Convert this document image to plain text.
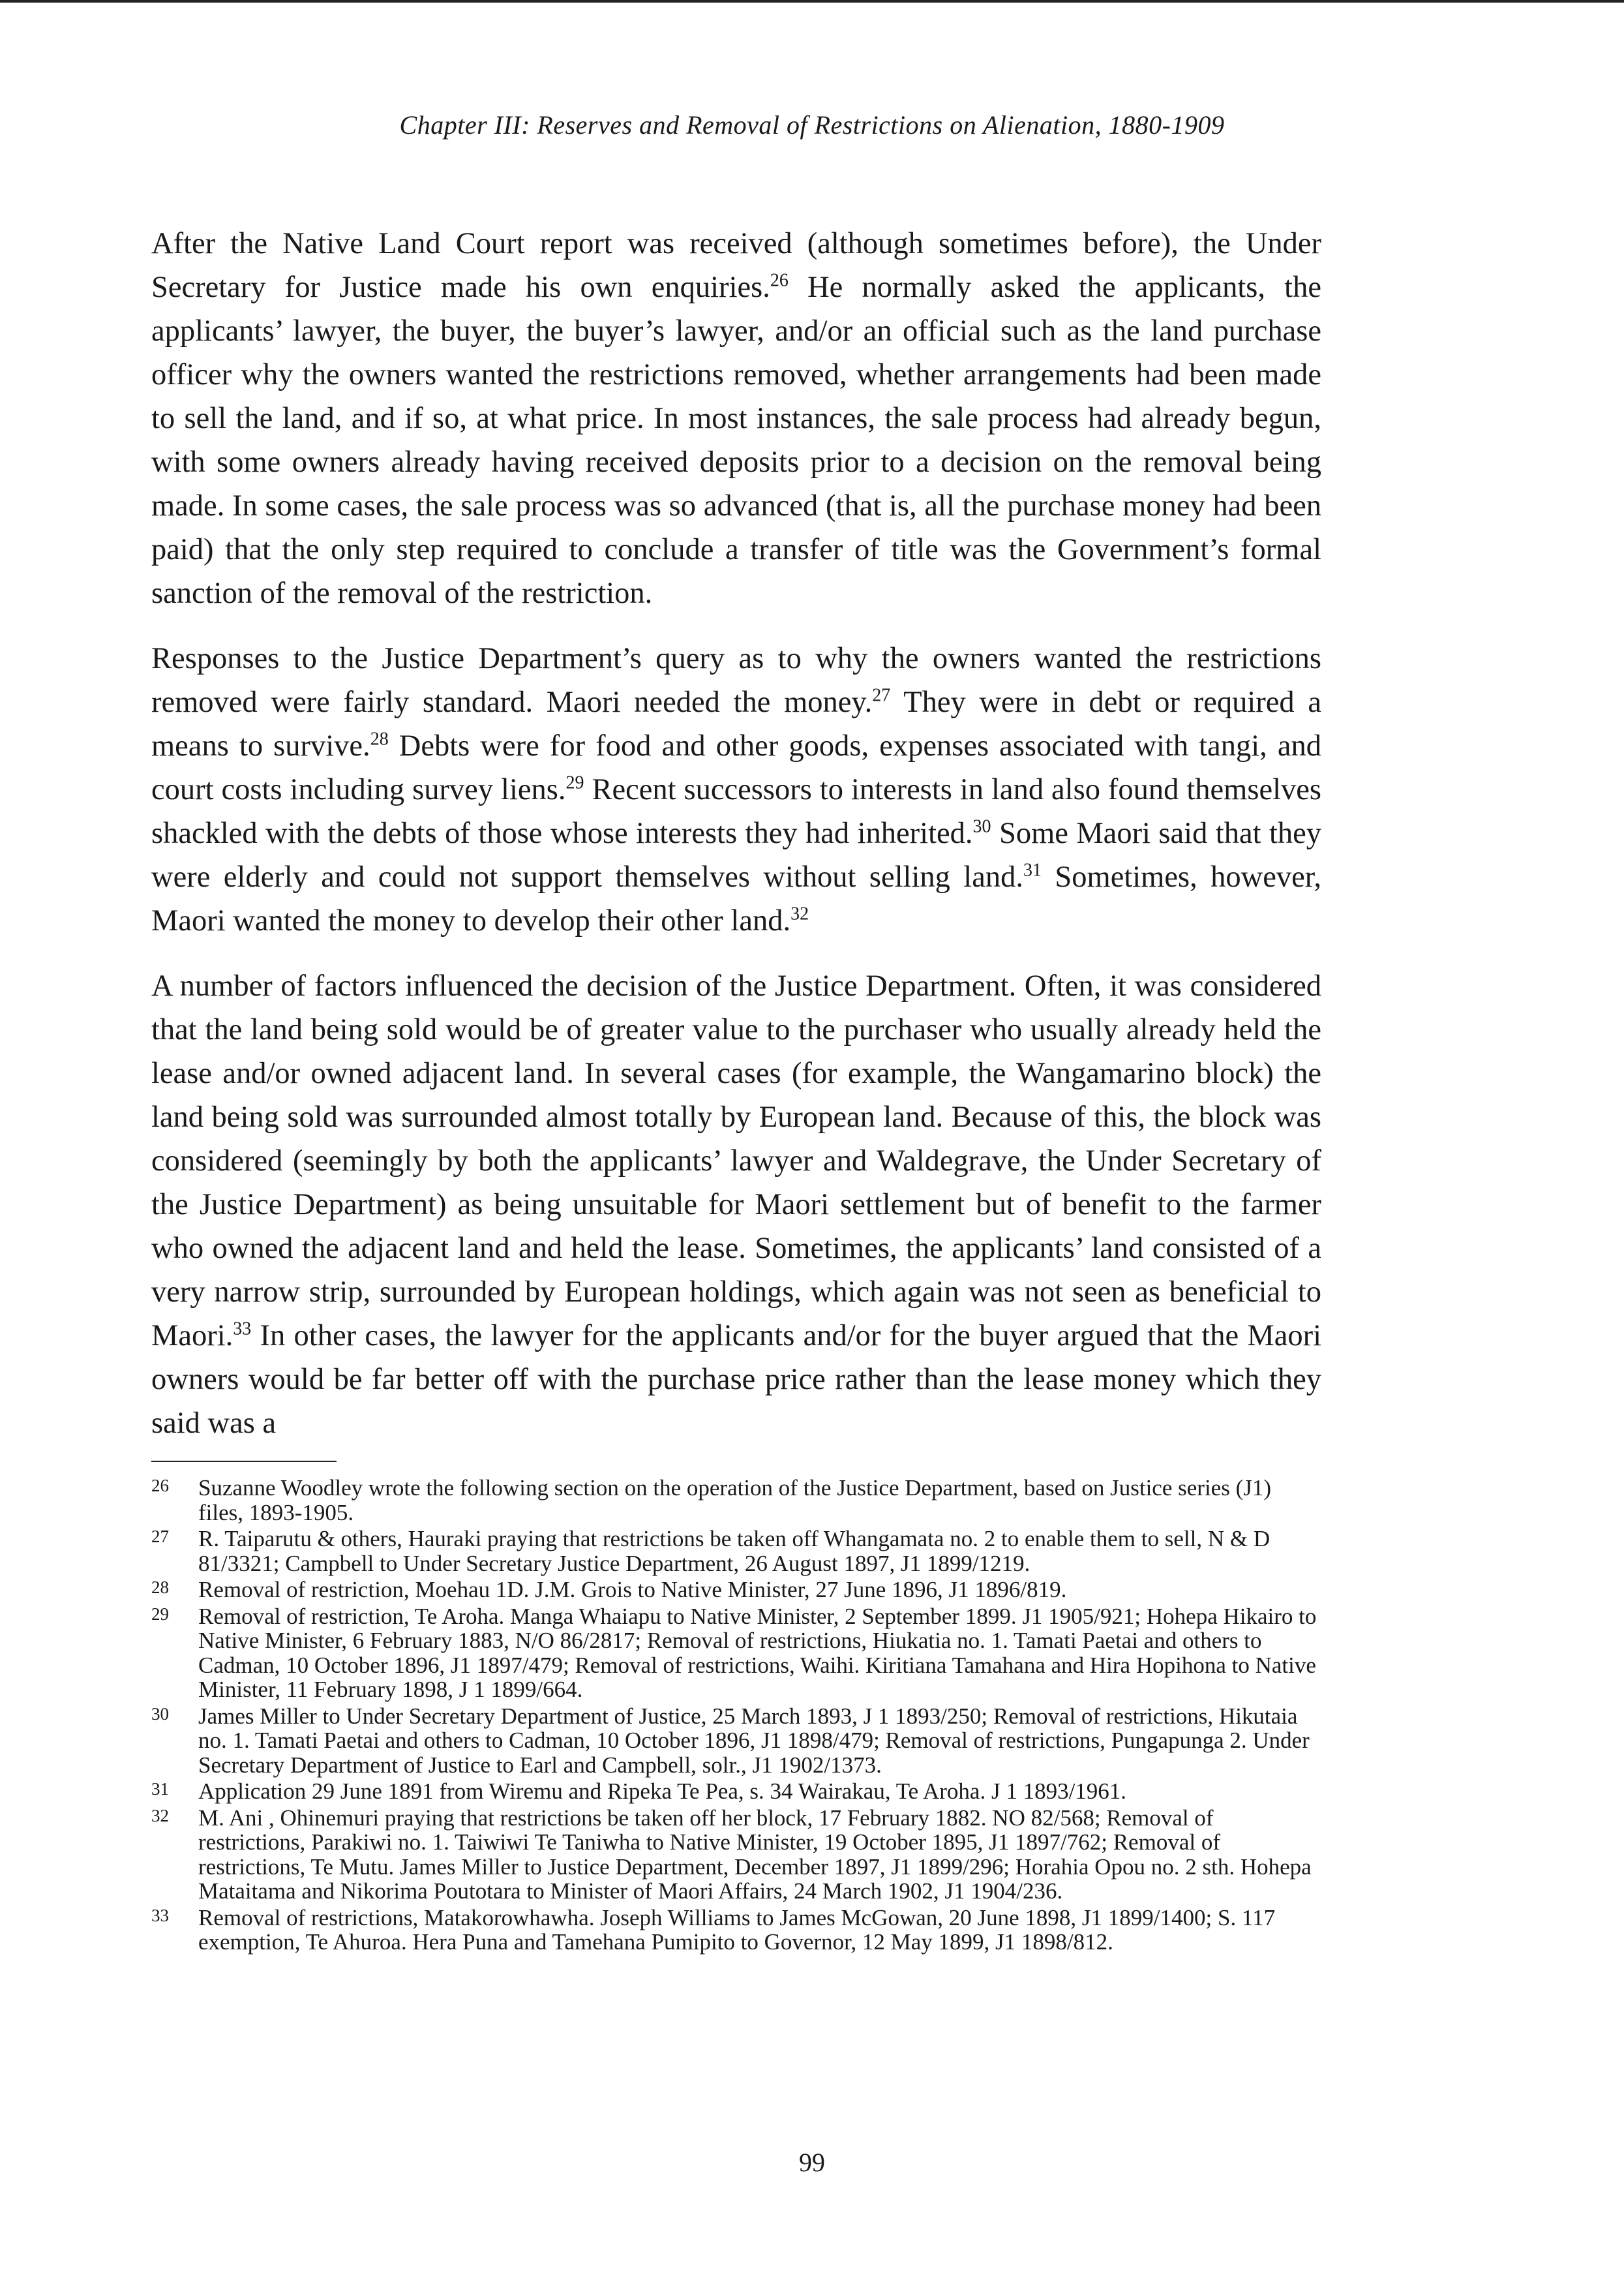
Chapter III: Reserves and Removal of Restrictions on Alienation, 1880-1909

After the Native Land Court report was received (although sometimes before), the Under Secretary for Justice made his own enquiries.$^{26}$ He normally asked the applicants, the applicants’ lawyer, the buyer, the buyer’s lawyer, and/or an official such as the land purchase officer why the owners wanted the restrictions removed, whether arrangements had been made to sell the land, and if so, at what price. In most instances, the sale process had already begun, with some owners already having received deposits prior to a decision on the removal being made. In some cases, the sale process was so advanced (that is, all the purchase money had been paid) that the only step required to conclude a transfer of title was the Government’s formal sanction of the removal of the restriction.

Responses to the Justice Department’s query as to why the owners wanted the restrictions removed were fairly standard. Maori needed the money.$^{27}$ They were in debt or required a means to survive.$^{28}$ Debts were for food and other goods, expenses associated with tangi, and court costs including survey liens.$^{29}$ Recent successors to interests in land also found themselves shackled with the debts of those whose interests they had inherited.$^{30}$ Some Maori said that they were elderly and could not support themselves without selling land.$^{31}$ Sometimes, however, Maori wanted the money to develop their other land.$^{32}$

A number of factors influenced the decision of the Justice Department. Often, it was considered that the land being sold would be of greater value to the purchaser who usually already held the lease and/or owned adjacent land. In several cases (for example, the Wangamarino block) the land being sold was surrounded almost totally by European land. Because of this, the block was considered (seemingly by both the applicants’ lawyer and Waldegrave, the Under Secretary of the Justice Department) as being unsuitable for Maori settlement but of benefit to the farmer who owned the adjacent land and held the lease. Sometimes, the applicants’ land consisted of a very narrow strip, surrounded by European holdings, which again was not seen as beneficial to Maori.$^{33}$ In other cases, the lawyer for the applicants and/or for the buyer argued that the Maori owners would be far better off with the purchase price rather than the lease money which they said was a

26	Suzanne Woodley wrote the following section on the operation of the Justice Department, based on Justice series (J1) files, 1893-1905.
27	R. Taiparutu & others, Hauraki praying that restrictions be taken off Whangamata no. 2 to enable them to sell, N & D 81/3321; Campbell to Under Secretary Justice Department, 26 August 1897, J1 1899/1219.
28	Removal of restriction, Moehau 1D. J.M. Grois to Native Minister, 27 June 1896, J1 1896/819.
29	Removal of restriction, Te Aroha. Manga Whaiapu to Native Minister, 2 September 1899. J1 1905/921; Hohepa Hikairo to Native Minister, 6 February 1883, N/O 86/2817; Removal of restrictions, Hiukatia no. 1. Tamati Paetai and others to Cadman, 10 October 1896, J1 1897/479; Removal of restrictions, Waihi. Kiritiana Tamahana and Hira Hopihona to Native Minister, 11 February 1898, J 1 1899/664.
30	James Miller to Under Secretary Department of Justice, 25 March 1893, J 1 1893/250; Removal of restrictions, Hikutaia no. 1. Tamati Paetai and others to Cadman, 10 October 1896, J1 1898/479; Removal of restrictions, Pungapunga 2. Under Secretary Department of Justice to Earl and Campbell, solr., J1 1902/1373.
31	Application 29 June 1891 from Wiremu and Ripeka Te Pea, s. 34 Wairakau, Te Aroha. J 1 1893/1961.
32	M. Ani , Ohinemuri praying that restrictions be taken off her block, 17 February 1882. NO 82/568; Removal of restrictions, Parakiwi no. 1. Taiwiwi Te Taniwha to Native Minister, 19 October 1895, J1 1897/762; Removal of restrictions, Te Mutu. James Miller to Justice Department, December 1897, J1 1899/296; Horahia Opou no. 2 sth. Hohepa Mataitama and Nikorima Poutotara to Minister of Maori Affairs, 24 March 1902, J1 1904/236.
33	Removal of restrictions, Matakorowhawha. Joseph Williams to James McGowan, 20 June 1898, J1 1899/1400; S. 117 exemption, Te Ahuroa. Hera Puna and Tamehana Pumipito to Governor, 12 May 1899, J1 1898/812.
99
